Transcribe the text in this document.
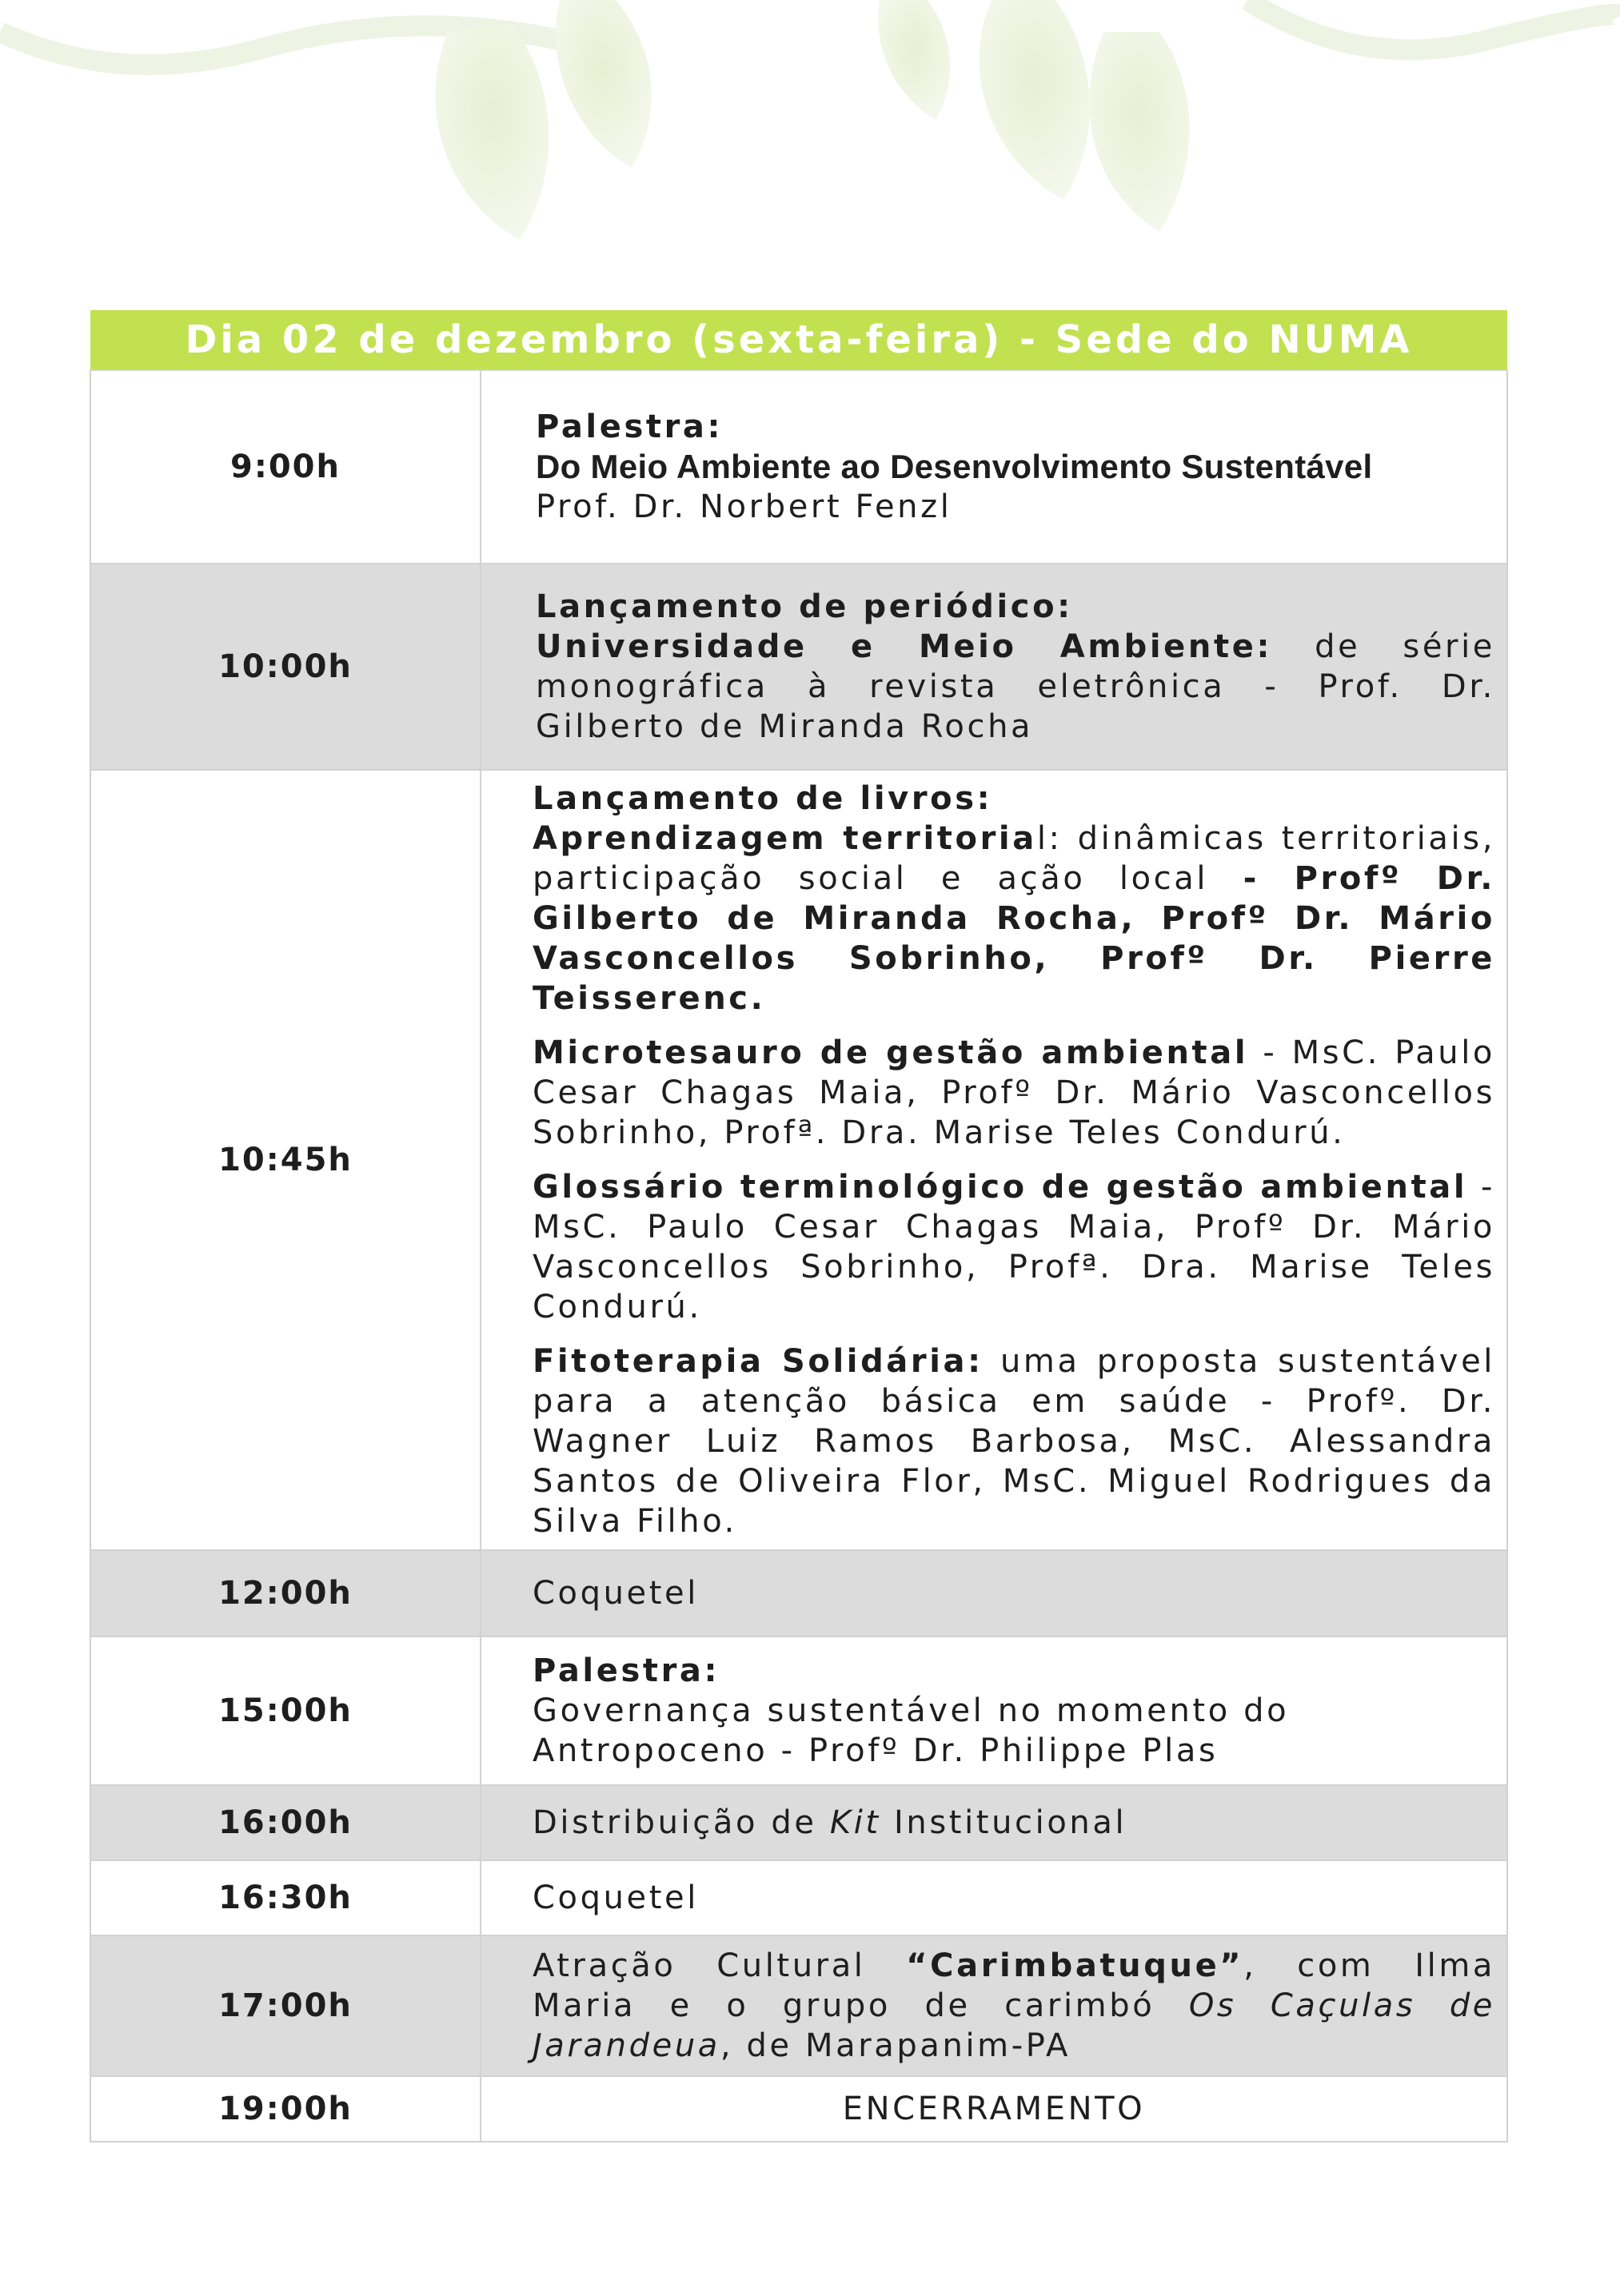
Dia 02 de dezembro (sexta-feira) - Sede do NUMA	
9:00h	Palestra:

Do Meio Ambiente ao Desenvolvimento Sustentável

Prof. Dr. Norbert Fenzl

10:00h	Lançamento de periódico:

Universidade e Meio Ambiente: de série monográfica à revista eletrônica - Prof. Dr. Gilberto de Miranda Rocha

10:45h	Lançamento de livros:

Aprendizagem territorial: dinâmicas territoriais, participação social e ação local - Profº Dr. Gilberto de Miranda Rocha, Profº Dr. Mário Vasconcellos Sobrinho, Profº Dr. Pierre Teisserenc.

Microtesauro de gestão ambiental - MsC. Paulo Cesar Chagas Maia, Profº Dr. Mário Vasconcellos Sobrinho, Profª. Dra. Marise Teles Condurú.

Glossário terminológico de gestão ambiental - MsC. Paulo Cesar Chagas Maia, Profº Dr. Mário Vasconcellos Sobrinho, Profª. Dra. Marise Teles Condurú.

Fitoterapia Solidária: uma proposta sustentável para a atenção básica em saúde - Profº. Dr. Wagner Luiz Ramos Barbosa, MsC. Alessandra Santos de Oliveira Flor, MsC. Miguel Rodrigues da Silva Filho.

12:00h	Coquetel
15:00h	Palestra:

Governança sustentável no momento do Antropoceno - Profº Dr. Philippe Plas

16:00h	Distribuição de Kit Institucional
16:30h	Coquetel
17:00h	Atração Cultural “Carimbatuque”, com Ilma Maria e o grupo de carimbó Os Caçulas de Jarandeua, de Marapanim-PA
19:00h	ENCERRAMENTO
